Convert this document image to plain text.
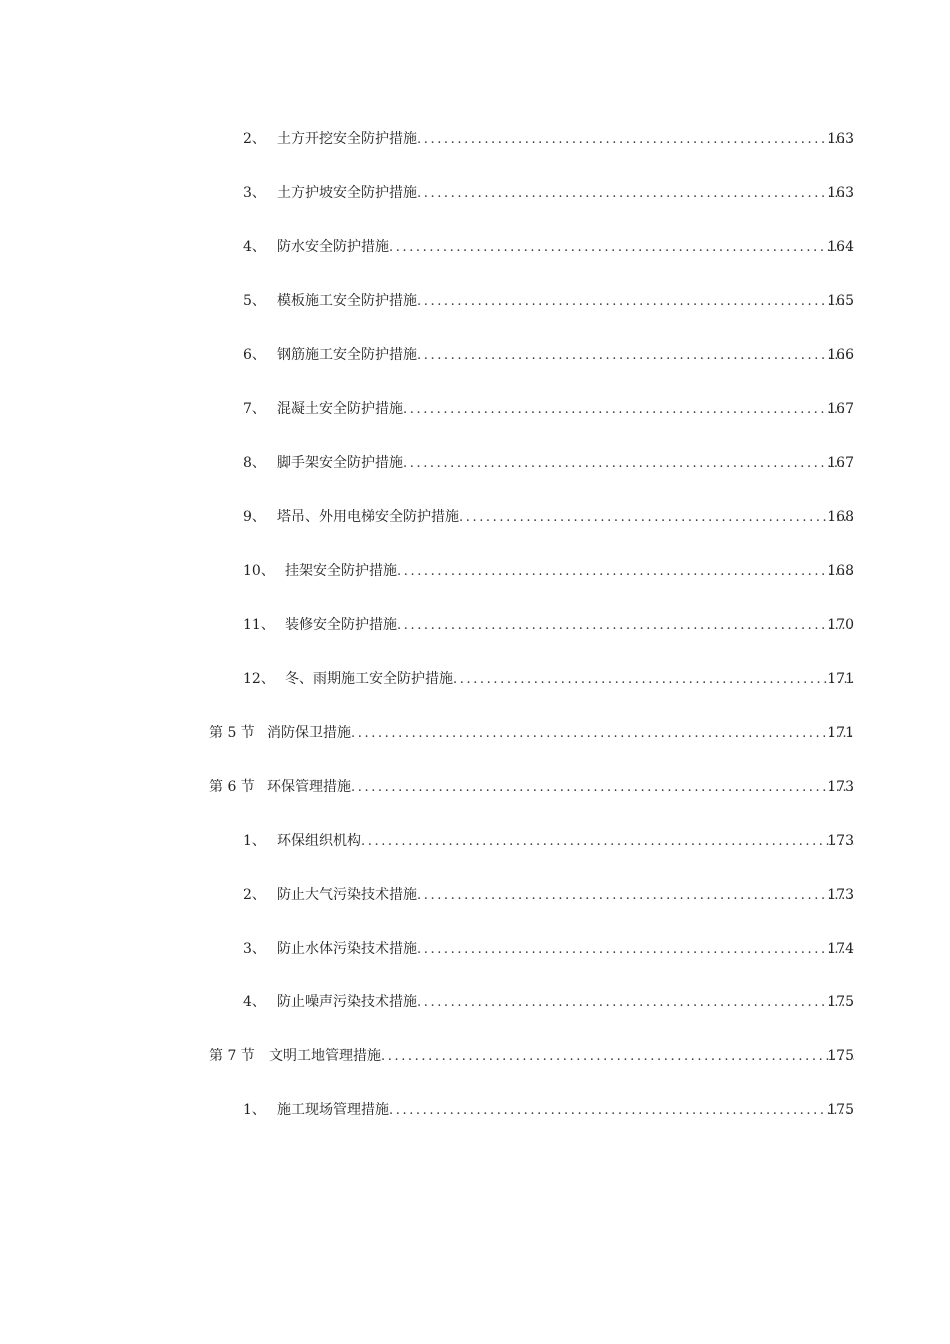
2、 土方开挖安全防护措施 .....	163
3、 土方护坡安全防护措施 .....	163
4、 防水安全防护措施 .....	164
5、 模板施工安全防护措施 .....	165
6、 钢筋施工安全防护措施 .....	166
7、 混凝土安全防护措施 .....	167
8、 脚手架安全防护措施 .....	167
9、 塔吊、外用电梯安全防护措施 .....	168
10、 挂架安全防护措施 .....	168
11、 装修安全防护措施 .....	170
12、 冬、雨期施工安全防护措施 .....	171
第 5 节 消防保卫措施 .....	171
第 6 节 环保管理措施 .....	173
1、 环保组织机构 .....	173
2、 防止大气污染技术措施 .....	173
3、 防止水体污染技术措施 .....	174
4、 防止噪声污染技术措施 .....	175
第 7 节 文明工地管理措施 .....	175
1、 施工现场管理措施 .....	175
